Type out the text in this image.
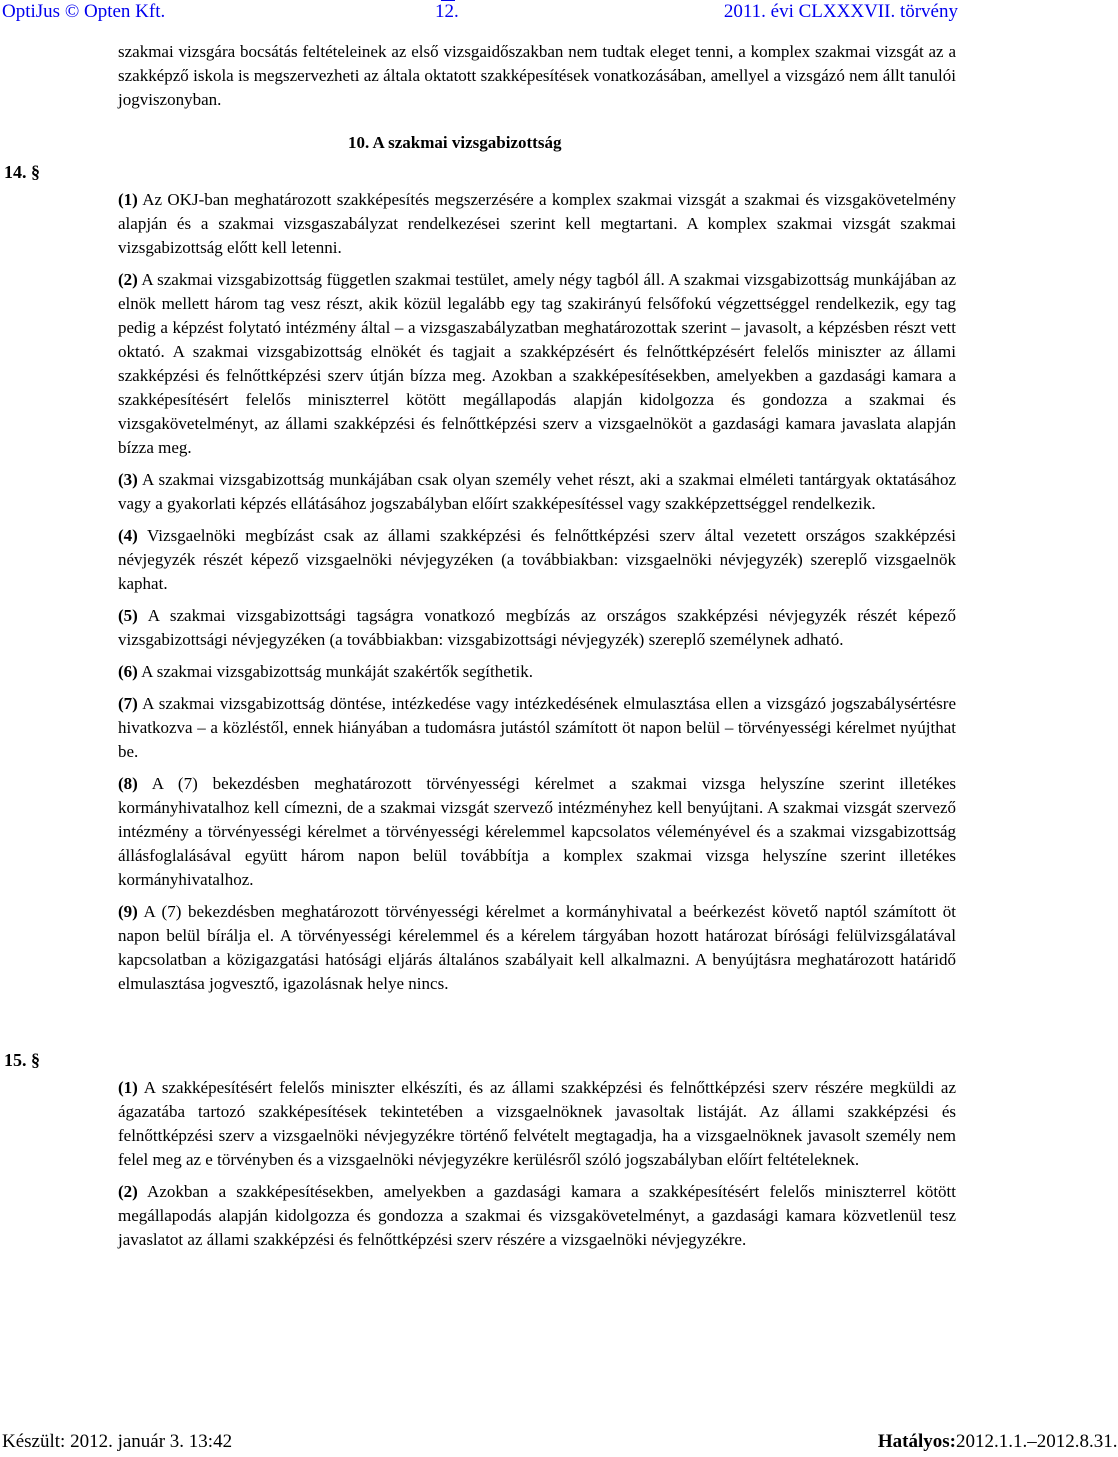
OptiJus © Opten Kft.	12.	2011. évi CLXXXVII. törvény

szakmai vizsgára bocsátás feltételeinek az első vizsgaidőszakban nem tudtak eleget tenni, a komplex szakmai vizsgát az a szakképző iskola is megszervezheti az általa oktatott szakképesítések vonatkozásában, amellyel a vizsgázó nem állt tanulói jogviszonyban.

10. A szakmai vizsgabizottság
14. §

(1) Az OKJ-ban meghatározott szakképesítés megszerzésére a komplex szakmai vizsgát a szakmai és vizsgakövetelmény alapján és a szakmai vizsgaszabályzat rendelkezései szerint kell megtartani. A komplex szakmai vizsgát szakmai vizsgabizottság előtt kell letenni.

(2) A szakmai vizsgabizottság független szakmai testület, amely négy tagból áll. A szakmai vizsgabizottság munkájában az elnök mellett három tag vesz részt, akik közül legalább egy tag szakirányú felsőfokú végzettséggel rendelkezik, egy tag pedig a képzést folytató intézmény által – a vizsgaszabályzatban meghatározottak szerint – javasolt, a képzésben részt vett oktató. A szakmai vizsgabizottság elnökét és tagjait a szakképzésért és felnőttképzésért felelős miniszter az állami szakképzési és felnőttképzési szerv útján bízza meg. Azokban a szakképesítésekben, amelyekben a gazdasági kamara a szakképesítésért felelős miniszterrel kötött megállapodás alapján kidolgozza és gondozza a szakmai és vizsgakövetelményt, az állami szakképzési és felnőttképzési szerv a vizsgaelnököt a gazdasági kamara javaslata alapján bízza meg.

(3) A szakmai vizsgabizottság munkájában csak olyan személy vehet részt, aki a szakmai elméleti tantárgyak oktatásához vagy a gyakorlati képzés ellátásához jogszabályban előírt szakképesítéssel vagy szakképzettséggel rendelkezik.

(4) Vizsgaelnöki megbízást csak az állami szakképzési és felnőttképzési szerv által vezetett országos szakképzési névjegyzék részét képező vizsgaelnöki névjegyzéken (a továbbiakban: vizsgaelnöki névjegyzék) szereplő vizsgaelnök kaphat.

(5) A szakmai vizsgabizottsági tagságra vonatkozó megbízás az országos szakképzési névjegyzék részét képező vizsgabizottsági névjegyzéken (a továbbiakban: vizsgabizottsági névjegyzék) szereplő személynek adható.

(6) A szakmai vizsgabizottság munkáját szakértők segíthetik.

(7) A szakmai vizsgabizottság döntése, intézkedése vagy intézkedésének elmulasztása ellen a vizsgázó jogszabálysértésre hivatkozva – a közléstől, ennek hiányában a tudomásra jutástól számított öt napon belül – törvényességi kérelmet nyújthat be.

(8) A (7) bekezdésben meghatározott törvényességi kérelmet a szakmai vizsga helyszíne szerint illetékes kormányhivatalhoz kell címezni, de a szakmai vizsgát szervező intézményhez kell benyújtani. A szakmai vizsgát szervező intézmény a törvényességi kérelmet a törvényességi kérelemmel kapcsolatos véleményével és a szakmai vizsgabizottság állásfoglalásával együtt három napon belül továbbítja a komplex szakmai vizsga helyszíne szerint illetékes kormányhivatalhoz.

(9) A (7) bekezdésben meghatározott törvényességi kérelmet a kormányhivatal a beérkezést követő naptól számított öt napon belül bírálja el. A törvényességi kérelemmel és a kérelem tárgyában hozott határozat bírósági felülvizsgálatával kapcsolatban a közigazgatási hatósági eljárás általános szabályait kell alkalmazni. A benyújtásra meghatározott határidő elmulasztása jogvesztő, igazolásnak helye nincs.

15. §

(1) A szakképesítésért felelős miniszter elkészíti, és az állami szakképzési és felnőttképzési szerv részére megküldi az ágazatába tartozó szakképesítések tekintetében a vizsgaelnöknek javasoltak listáját. Az állami szakképzési és felnőttképzési szerv a vizsgaelnöki névjegyzékre történő felvételt megtagadja, ha a vizsgaelnöknek javasolt személy nem felel meg az e törvényben és a vizsgaelnöki névjegyzékre kerülésről szóló jogszabályban előírt feltételeknek.

(2) Azokban a szakképesítésekben, amelyekben a gazdasági kamara a szakképesítésért felelős miniszterrel kötött megállapodás alapján kidolgozza és gondozza a szakmai és vizsgakövetelményt, a gazdasági kamara közvetlenül tesz javaslatot az állami szakképzési és felnőttképzési szerv részére a vizsgaelnöki névjegyzékre.

Készült: 2012. január 3. 13:42	Hatályos: 2012.1.1.–2012.8.31.
